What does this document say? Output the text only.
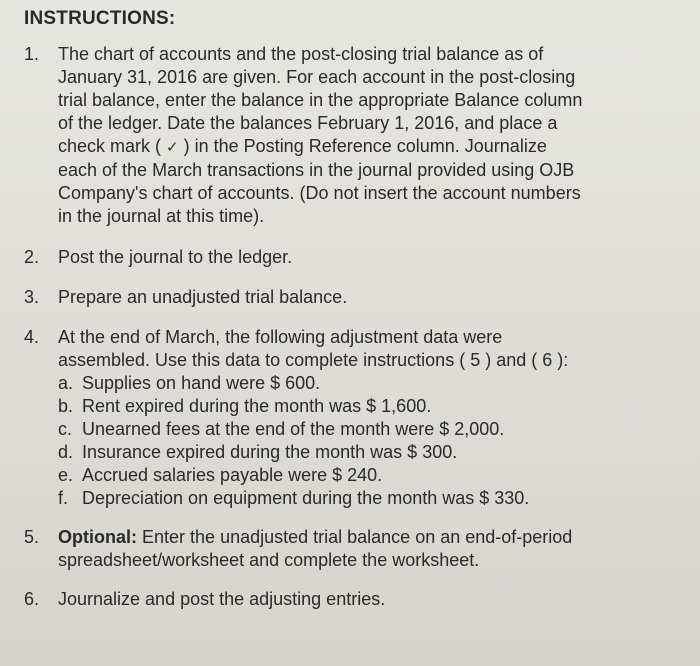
INSTRUCTIONS:
1.	The chart of accounts and the post-closing trial balance as of
January 31, 2016 are given. For each account in the post-closing
trial balance, enter the balance in the appropriate Balance column
of the ledger. Date the balances February 1, 2016, and place a
check mark ( ✓ ) in the Posting Reference column. Journalize
each of the March transactions in the journal provided using OJB
Company's chart of accounts. (Do not insert the account numbers
in the journal at this time).
2.	Post the journal to the ledger.
3.	Prepare an unadjusted trial balance.
4.	At the end of March, the following adjustment data were
assembled. Use this data to complete instructions ( 5 ) and ( 6 ):
a. Supplies on hand were $ 600.
b. Rent expired during the month was $ 1,600.
c. Unearned fees at the end of the month were $ 2,000.
d. Insurance expired during the month was $ 300.
e. Accrued salaries payable were $ 240.
f. Depreciation on equipment during the month was $ 330.
5.	Optional: Enter the unadjusted trial balance on an end-of-period
spreadsheet/worksheet and complete the worksheet.
6.	Journalize and post the adjusting entries.
